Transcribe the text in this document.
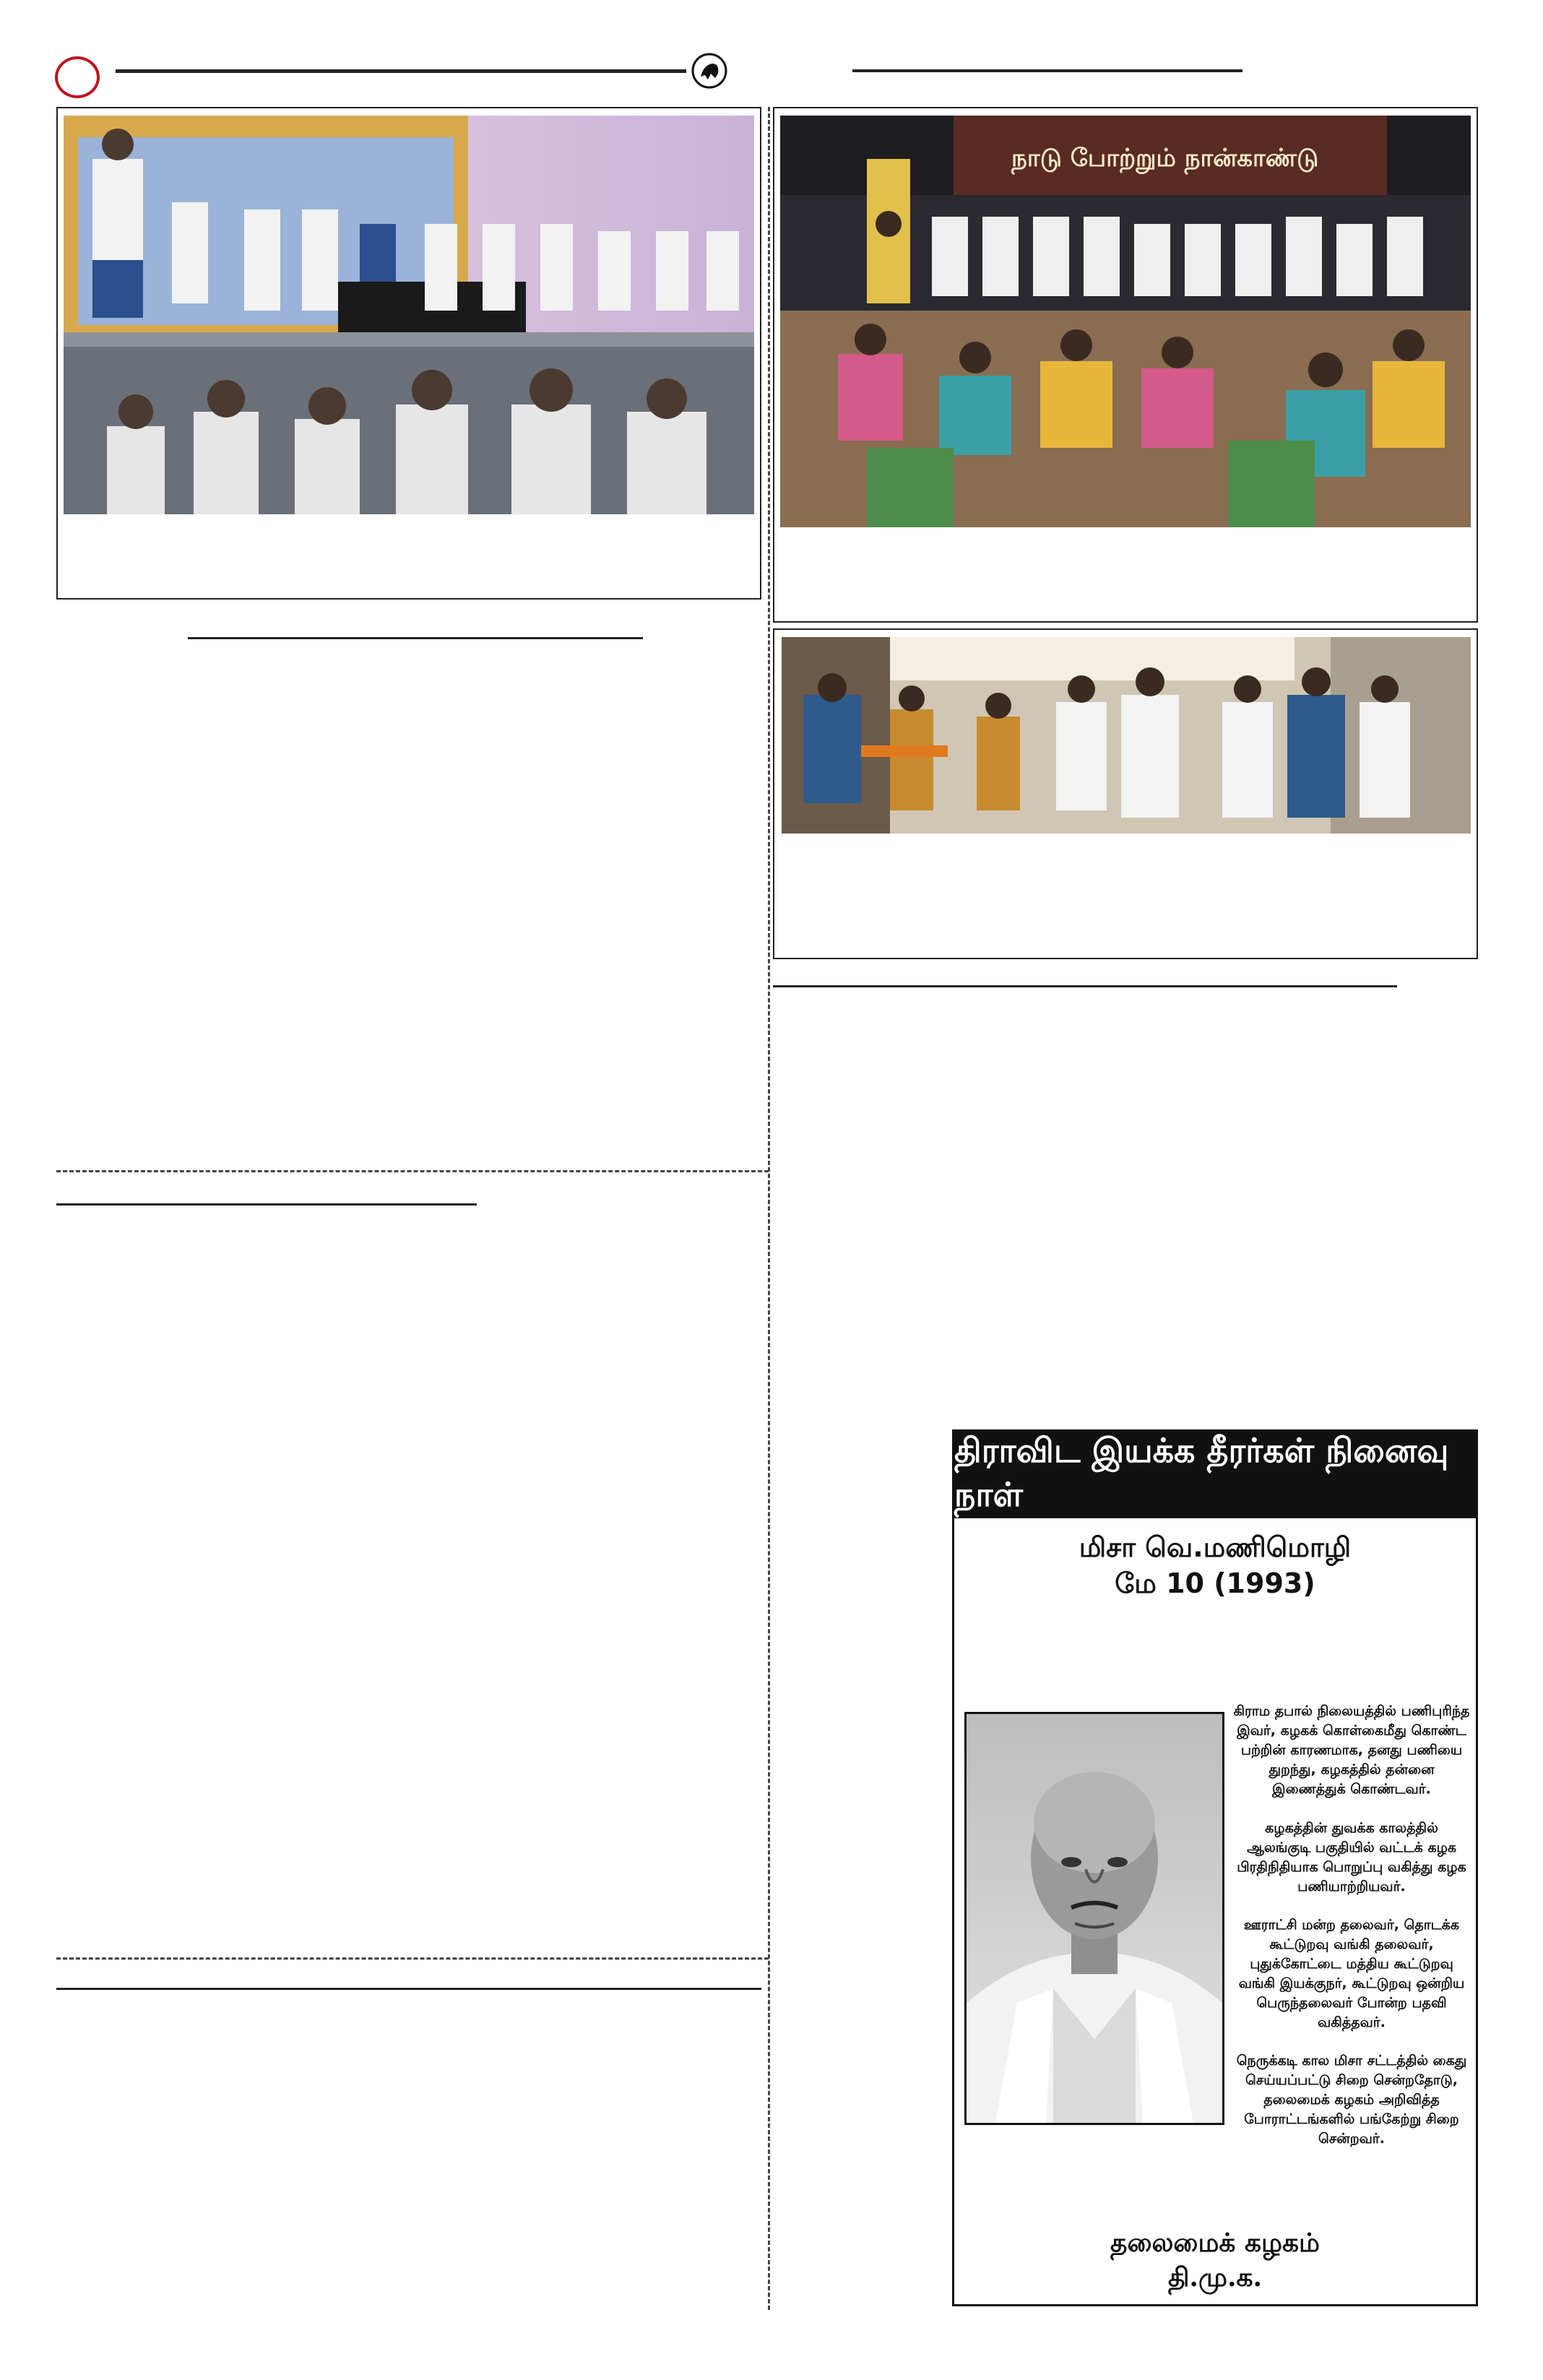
நாடு போற்றும் நான்காண்டு
திராவிட இயக்க தீரர்கள் நினைவு நாள்
மிசா வெ.மணிமொழி
மே 10 (1993)
கிராம தபால் நிலையத்தில் பணிபுரிந்த இவர், கழகக் கொள்கைமீது கொண்ட பற்றின் காரணமாக, தனது பணியை துறந்து, கழகத்தில் தன்னை இணைத்துக் கொண்டவர்.
கழகத்தின் துவக்க காலத்தில் ஆலங்குடி பகுதியில் வட்டக் கழக பிரதிநிதியாக பொறுப்பு வகித்து கழக பணியாற்றியவர்.
ஊராட்சி மன்ற தலைவர், தொடக்க கூட்டுறவு வங்கி தலைவர், புதுக்கோட்டை மத்திய கூட்டுறவு வங்கி இயக்குநர், கூட்டுறவு ஒன்றிய பெருந்தலைவர் போன்ற பதவி வகித்தவர்.
நெருக்கடி கால மிசா சட்டத்தில் கைது செய்யப்பட்டு சிறை சென்றதோடு, தலைமைக் கழகம் அறிவித்த போராட்டங்களில் பங்கேற்று சிறை சென்றவர்.
தலைமைக் கழகம்
தி.மு.க.
